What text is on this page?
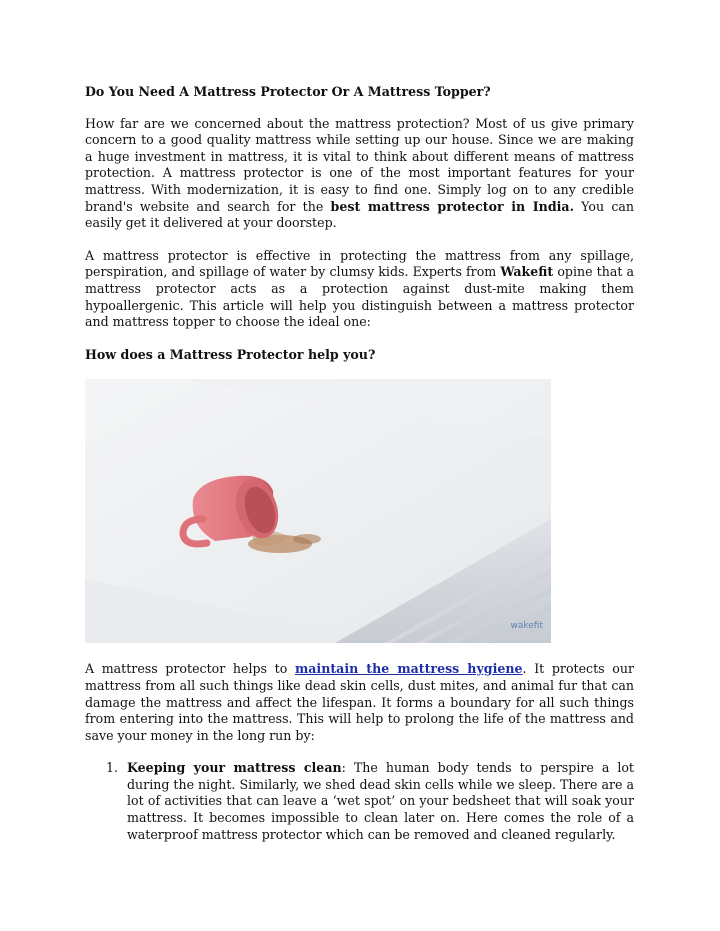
Do You Need A Mattress Protector Or A Mattress Topper?

How far are we concerned about the mattress protection? Most of us give primary concern to a good quality mattress while setting up our house. Since we are making a huge investment in mattress, it is vital to think about different means of mattress protection. A mattress protector is one of the most important features for your mattress. With modernization, it is easy to find one. Simply log on to any credible brand's website and search for the best mattress protector in India. You can easily get it delivered at your doorstep.

A mattress protector is effective in protecting the mattress from any spillage, perspiration, and spillage of water by clumsy kids. Experts from Wakefit opine that a mattress protector acts as a protection against dust-mite making them hypoallergenic. This article will help you distinguish between a mattress protector and mattress topper to choose the ideal one:

How does a Mattress Protector help you?

wakefit

A mattress protector helps to maintain the mattress hygiene. It protects our mattress from all such things like dead skin cells, dust mites, and animal fur that can damage the mattress and affect the lifespan. It forms a boundary for all such things from entering into the mattress. This will help to prolong the life of the mattress and save your money in the long run by:

1. Keeping your mattress clean: The human body tends to perspire a lot during the night. Similarly, we shed dead skin cells while we sleep. There are a lot of activities that can leave a ‘wet spot’ on your bedsheet that will soak your mattress. It becomes impossible to clean later on. Here comes the role of a waterproof mattress protector which can be removed and cleaned regularly.
